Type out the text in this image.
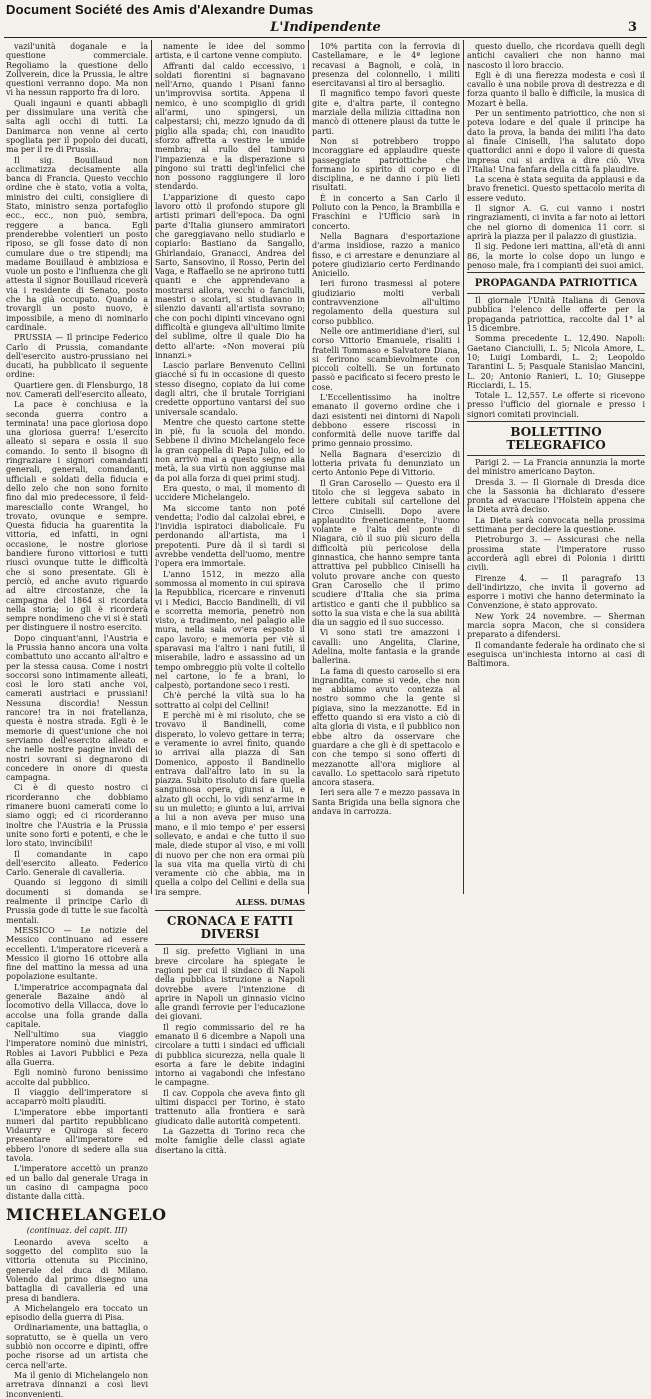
Document Société des Amis d'Alexandre Dumas
L'Indipendente	3

vazil'unità doganale e la questione commerciale. Regoliamo la questione dello Zollverein, dice la Prussia, le altre questioni verranno dopo. Ma non vi ha nessun rapporto fra di loro.

Quali ingauni e quanti abbagli per dissimulare una verità che salta agli occhi di tutti. La Danimarca non venne al certo spogliata per il popolo dei ducati, ma per il re di Prussia.

Il sig. Bouillaud non acclimatizza decisamente alla banca di Francia. Questo vecchio ordine che è stato, votia a volta, ministro dei culti, consigliere di Stato, ministro senza portafoglio ecc., ecc., non può, sembra, reggere a banca. Egli prenderebbe volentieri un posto riposo, se gli fosse dato di non cumulare due o tre stipendi; ma madame Bouillaud è ambiziosa e vuole un posto e l'influenza che gli attesta il signor Bouillaud riceverà via i residente di Senato, posto che ha già occupato. Quando a trovargli un posto nuovo, è impossibile, a meno di nominarlo cardinale.

PRUSSIA — Il principe Federico Carlo di Prussia, comandante dell'esercito austro-prussiano nei ducati, ha pubblicato il seguente ordine:

Quartiere gen. di Flensburgo, 18 nov. Camerati dell'esercito alleato,

La pace è conchiusa e la seconda guerra contro a terminata! una pace gloriosa dopo una gloriosa guerra! L'esercito alleato si separa e ossia il suo comando. Io sento il bisogno di ringraziare i signori comandanti generali, generali, comandanti, ufficiali e soldati della fiducia e dello zelo che non sono fornito fino dal mio predecessore, il feld-maresciallo conte Wrangel, ho trovato, ovunque e sempre. Questa fiducia ha guarentita la vittoria, ed infatti, in ogni occasione, le nostre gloriose bandiere furono vittoriosi e tutti riuscì ovunque tutte le difficoltà che si sono presentate. Gli è perciò, ed anche avuto riguardo ad altre circostanze, che la campagna del 1864 si ricordata nella storia; io gli è ricorderà sempre nondimeno che vi si è stati per distinguere il nostro esercito.

Dopo cinquant'anni, l'Austria e la Prussia hanno ancora una volta combattuto uno accanto all'altro e per la stessa causa. Come i nostri soccorsi sono intimamente alleati, così le loro stati anche voi, camerati austriaci e prussiani! Nessuna discordia! Nessun rancore! tra in noi fratellanza, questa è nostra strada. Egli è le memorie di quest'unione che noi serviamo dell'esercito alleato e che nelle nostre pagine invidi dei nostri sovrani si degnarono di concedere in onore di questa campagna.

Ci è di questo nostro ci ricorderanno che dobbiamo rimanere buoni camerati come lo siamo oggi; ed ci ricorderanno inoltre che l'Austria e la Prussia unite sono forti e potenti, e che le loro stato, invincibili!

Il comandante in capo dell'esercito alleato. Federico Carlo. Generale di cavalleria.

Quando si leggono di simili documenti si domanda se realmente il principe Carlo di Prussia gode di tutte le sue facoltà mentali.

MESSICO — Le notizie del Messico continuano ad essere eccellenti. L'imperatore riceverà a Messico il giorno 16 ottobre alla fine del mattino la messa ad una popolazione esultante.

L'imperatrice accompagnata dal generale Bazaine andò al locomotivo della Villacca, dove lo accolse una folla grande dalla capitale.

Nell'ultimo sua viaggio l'imperatore nominò due ministri, Robles ai Lavori Pubblici e Peza alla Guerra.

Egli nominò furono benissimo accolte dal pubblico.

Il viaggio dell'imperatore si accaparrò molti plauditi.

L'imperatore ebbe importanti numeri dal partito repubblicano Vidaurry e Quiroga si fecero presentare all'imperatore ed ebbero l'onore di sedere alla sua tavola.

L'imperatore accettò un pranzo ed un ballo dal generale Uraga in un casino di campagna poco distante dalla città.

MICHELANGELO
(continuaz. del capit. III)

Leonardo aveva scelto a soggetto del complito suo la vittoria ottenuta su Piccinino, generale del duca di Milano. Volendo dal primo disegno una battaglia di cavalleria ed una presa di bandiera.

A Michelangelo era toccato un episodio della guerra di Pisa.

Ordinariamente, una battaglia, o sopratutto, se è quella un vero subbiò non occorre e dipinti, offre poche risorse ad un artista che cerca nell'arte.

Ma il genio di Michelangelo non arretrava dinnanzi a così lievi inconvenienti.

namente le idee del sommo artista, e il cartone venne compiuto.

Affranti dal caldo eccessivo, i soldati fiorentini si bagnavano nell'Arno, quando i Pisani fanno un'improvvisa sortita. Appena il nemico, è uno scompiglio di gridi all'armi, uno spingersi, un calpestarsi; chi, mezzo ignudo da di piglio alla spada; chi, con inaudito sforzo affretta a vestire le umide membra; al rullo del tamburo l'impazienza e la disperazione si pingono sui tratti degl'infelici che non possono raggiungere il loro stendardo.

L'apparizione di questo capo lavoro ottò il profondo stupore gli artisti primari dell'epoca. Da ogni parte d'Italia giunsero ammiratori che gareggiavano nello studiarlo e copiarlo: Bastiano da Sangallo, Ghirlandaio, Granacci, Andrea del Sarto, Sansovino, il Rosso, Perin del Vaga, e Raffaello se ne aprirono tutti quanti e che apprendevano a mostrarsi allora, vecchi o fanciulli, maestri o scolari, si studiavano in silenzio davanti all'artista sovrano; che con pochi dipinti vincevano ogni difficoltà e giungeva all'ultimo limite del sublime, oltre il quale Dio ha detto all'arte: «Non moverai più innanzi.»

Lascio parlare Benvenuto Cellini giacché sì fu in occasione di questo stesso disegno, copiato da lui come dagli altri, che il brutale Torrigiani credette opportuno vantarsi del suo universale scandalo.

Mentre che questo cartone stette in piè, fu la scuola del mondo. Sebbene il divino Michelangelo fece la gran cappella di Papa Julio, ed io non arrivò mai a questo segno alla metà, la sua virtù non aggiunse mai da poi alla forza di quei primi studj.

Era questo, o mai, il momento di uccidere Michelangelo.

Ma siccome tanto non poté vendetta; l'odio dal calzolai ebrei, e l'invidia ispiratoci diabolicale. Fu perdonando all'artista, ma i prepotenti. Pure dà il sì tardi si avrebbe vendetta dell'uomo, mentre l'opera era immortale.

L'anno 1512, in mezzo alla sommossa al momento in cui spirava la Repubblica, ricercare e rinvenuti vi i Medici, Baccio Bandinelli, di vil e scorretta memoria, penetrò non visto, a tradimento, nel palagio alle mura, nella sala ov'era esposto il capo lavoro; e memoria per viè sì sparavasi ma l'altro i nani futili, il miserabile, ladro e assassino ad un tempo ombreggio più volte il coltello nel cartone, lo fe a brani, lo calpestò, portandone seco i resti.

Ch'è perché la viltà sua lo ha sottratto ai colpi del Cellini!

E perchè mi è mi risoluto, che se trovavo il Bandinelli, come disperato, lo volevo gettare in terra; e veramente io avrei finito, quando io arrivai alla piazza di San Domenico, apposto il Bandinello entrava dall'altro lato in su la piazza. Subito risoluto di fare quella sanguinosa opera, giunsi a lui, e alzato gli occhi, lo vidi senz'arme in su un muletto; e giunto a lui, arrivai a lui a non aveva per muso una mano, e il mio tempo e' per essersi sollevato, e andai e che tutto il suo male, diede stupor al viso, e mi volli di nuovo per che non era ormai più la sua vita ma quella virtù di chi veramente ciò che abbia, ma in quella a colpo del Cellini e della sua ira sempre.

ALESS. DUMAS
CRONACA E FATTI DIVERSI

Il sig. prefetto Vigliani in una breve circolare ha spiegate le ragioni per cui il sindaco di Napoli della pubblica istruzione a Napoli dovrebbe avere l'intenzione di aprire in Napoli un ginnasio vicino alle grandi ferrovie per l'educazione dei giovani.

Il regio commissario del re ha emanato il 6 dicembre a Napoli una circolare a tutti i sindaci ed ufficiali di pubblica sicurezza, nella quale li esorta a fare le debite indagini intorno ai vagabondi che infestano le campagne.

Il cav. Coppola che aveva finto gli ultimi dispacci per Torino, è stato trattenuto alla frontiera e sarà giudicato dalle autorità competenti.

La Gazzetta di Torino reca che molte famiglie delle classi agiate disertano la città.

10% partita con la ferrovia di Castellamare, e le 4ª legione recavasi a Bagnoli, e colà, in presenza del colonnello, i militi esercitavansi al tiro al bersaglio.

Il magnifico tempo favorì queste gite e, d'altra parte, il contegno marziale della milizia cittadina non mancò di ottenere plausi da tutte le parti.

Non si potrebbero troppo incoraggiare ed applaudire queste passeggiate patriottiche che formano lo spirito di corpo e di disciplina, e ne danno i più lieti risultati.

È in concerto a San Carlo il Poliuto con la Penco, la Brambilla e Fraschini e l'Ufficio sarà in concerto.

Nella Bagnara d'esportazione d'arma insidiose, razzo a manico fisso, e ci arrestare e denunziare al potere giudiziario certo Ferdinando Aniciello.

Ieri furono trasmessi al potere giudiziario molti verbali contravvenzione all'ultimo regolamento della questura sul corso pubblico.

Nelle ore antimeridiane d'ieri, sul corso Vittorio Emanuele, risaliti i fratelli Tommaso e Salvatore Diana, si ferirono scambievolmente con piccoli coltelli. Se un fortunato passò e pacificato si fecero presto le cose.

L'Eccellentissimo ha inoltre emanato il governo ordine che i dazi esistenti nei dintorni di Napoli debbono essere riscossi in conformità delle nuove tariffe dal primo gennaio prossimo.

Nella Bagnara d'esercizio di lotteria privata fu denunziato un certo Antonio Pepe di Vittorio.

Il Gran Carosello — Questo era il titolo che si leggeva sabato in lettere cubitali sul cartellone del Circo Ciniselli. Dopo avere applaudito freneticamente, l'uomo volante e l'alta del ponte di Niagara, ciò il suo più sicuro della difficoltà più pericolose della ginnastica, che hanno sempre tanta attrattiva pel pubblico Ciniselli ha voluto provare anche con questo Gran Carosello che il primo scudiere d'Italia che sia prima artistico e ganti che il pubblico sa sotto la sua vista e che la sua abilità dia un saggio ed il suo successo.

Vi sono stati tre amazzoni i cavalli: uno Angelita, Clarine, Adelina, molte fantasia e la grande ballerina.

La fama di questo carosello si era ingrandita, come si vede, che non ne abbiamo avuto contezza al nostro sommo che la gente si pigiava, sino la mezzanotte. Ed in effetto quando si era visto a ciò di alta gloria di vista, e il pubblico non ebbe altro da osservare che guardare a che gli è di spettacolo e con che tempo si sono offerti di mezzanotte all'ora migliore al cavallo. Lo spettacolo sarà ripetuto ancora stasera.

Ieri sera alle 7 e mezzo passava in Santa Brigida una bella signora che andava in carrozza.

questo duello, che ricordava quelli degli antichi cavalieri che non hanno mai nascosto il loro braccio.

Egli è di una fierezza modesta e così il cavallo è una nobile prova di destrezza e di forza quanto il ballo è difficile, la musica di Mozart è bella.

Per un sentimento patriottico, che non si poteva lodare e del quale il principe ha dato la prova, la banda dei militi l'ha dato al finale Ciniselli, l'ha salutato dopo quattordici anni e dopo il valore di questa impresa cui si ardiva a dire ciò. Viva l'Italia! Una fanfara della città fa plaudire.

La scena è stata seguita da applausi e da bravo frenetici. Questo spettacolo merita di essere veduto.

Il signor A. G. cui vanno i nostri ringraziamenti, ci invita a far noto ai lettori che nel giorno di domenica 11 corr. si aprirà la piazza per il palazzo di giustizia.

Il sig. Pedone ieri mattina, all'età di anni 86, la morte lo colse dopo un lungo e penoso male, fra i compianti dei suoi amici.

PROPAGANDA PATRIOTTICA

Il giornale l'Unità Italiana di Genova pubblica l'elenco delle offerte per la propaganda patriottica, raccolte dal 1° al 15 dicembre.

Somma precedente L. 12,490. Napoli: Gaetano Cianciulli, L. 5; Nicola Amore, L. 10; Luigi Lombardi, L. 2; Leopoldo Tarantini L. 5; Pasquale Stanislao Mancini, L. 20; Antonio Ranieri, L. 10; Giuseppe Ricciardi, L. 15.

Totale L. 12,557. Le offerte si ricevono presso l'ufficio del giornale e presso i signori comitati provinciali.

BOLLETTINO TELEGRAFICO

Parigi 2. — La Francia annunzia la morte del ministro americano Dayton.

Dresda 3. — Il Giornale di Dresda dice che la Sassonia ha dichiarato d'essere pronta ad evacuare l'Holstein appena che la Dieta avrà deciso.

La Dieta sarà convocata nella prossima settimana per decidere la questione.

Pietroburgo 3. — Assicurasi che nella prossima state l'imperatore russo accorderà agli ebrei di Polonia i diritti civili.

Firenze 4. — Il paragrafo 13 dell'indirizzo, che invita il governo ad esporre i motivi che hanno determinato la Convenzione, è stato approvato.

New York 24 novembre. — Sherman marcia sopra Macon, che si considera preparato a difendersi.

Il comandante federale ha ordinato che si eseguisca un'inchiesta intorno ai casi di Baltimora.
